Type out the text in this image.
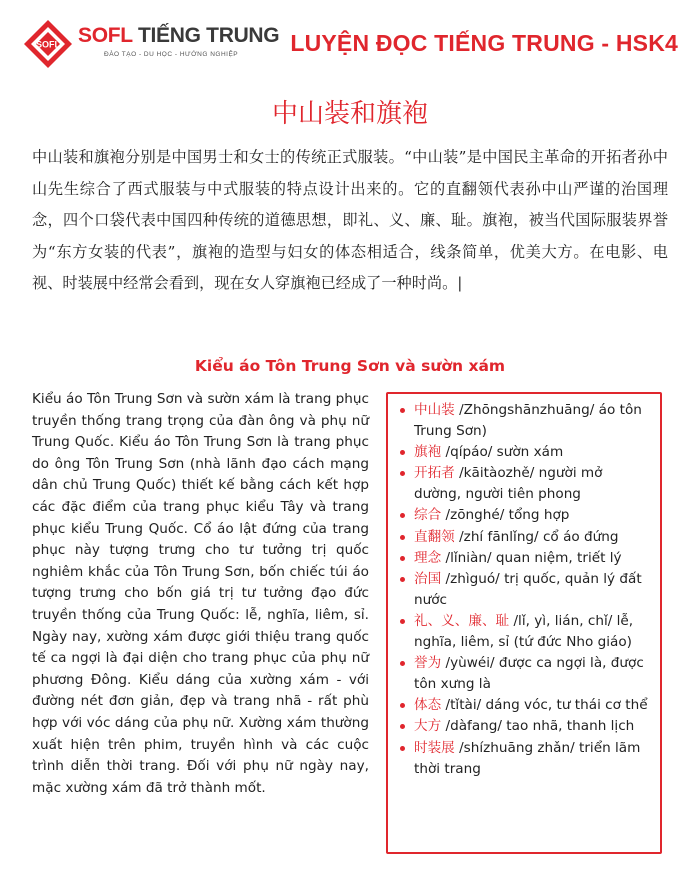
SOFL SOFL TIẾNG TRUNG
ĐÀO TẠO - DU HỌC - HƯỚNG NGHIỆP LUYỆN ĐỌC TIẾNG TRUNG - HSK4
中山装和旗袍

中山装和旗袍分别是中国男士和女士的传统正式服装。“中山装”是中国民主革命的开拓者孙中山先生综合了西式服装与中式服装的特点设计出来的。它的直翻领代表孙中山严谨的治国理念，四个口袋代表中国四种传统的道德思想，即礼、义、廉、耻。旗袍，被当代国际服装界誉为“东方女装的代表”，旗袍的造型与妇女的体态相适合，线条简单，优美大方。在电影、电视、时装展中经常会看到，现在女人穿旗袍已经成了一种时尚。|

Kiểu áo Tôn Trung Sơn và sườn xám

Kiểu áo Tôn Trung Sơn và sườn xám là trang phục truyền thống trang trọng của đàn ông và phụ nữ Trung Quốc. Kiểu áo Tôn Trung Sơn là trang phục do ông Tôn Trung Sơn (nhà lãnh đạo cách mạng dân chủ Trung Quốc) thiết kế bằng cách kết hợp các đặc điểm của trang phục kiểu Tây và trang phục kiểu Trung Quốc. Cổ áo lật đứng của trang phục này tượng trưng cho tư tưởng trị quốc nghiêm khắc của Tôn Trung Sơn, bốn chiếc túi áo tượng trưng cho bốn giá trị tư tưởng đạo đức truyền thống của Trung Quốc: lễ, nghĩa, liêm, sỉ. Ngày nay, xường xám được giới thiệu trang quốc tế ca ngợi là đại diện cho trang phục của phụ nữ phương Đông. Kiểu dáng của xường xám - với đường nét đơn giản, đẹp và trang nhã - rất phù hợp với vóc dáng của phụ nữ. Xường xám thường xuất hiện trên phim, truyền hình và các cuộc trình diễn thời trang. Đối với phụ nữ ngày nay, mặc xường xám đã trở thành mốt.

中山装 /Zhōngshānzhuāng/ áo tôn Trung Sơn)
旗袍 /qípáo/ sườn xám
开拓者 /kāitàozhě/ người mở dường, người tiên phong
综合 /zōnghé/ tổng hợp
直翻领 /zhí fānlǐng/ cổ áo đứng
理念 /lǐniàn/ quan niệm, triết lý
治国 /zhìguó/ trị quốc, quản lý đất nước
礼、义、廉、耻 /lǐ, yì, lián, chǐ/ lễ, nghĩa, liêm, sỉ (tứ đức Nho giáo)
誉为 /yùwéi/ được ca ngợi là, được tôn xưng là
体态 /tǐtài/ dáng vóc, tư thái cơ thể
大方 /dàfang/ tao nhã, thanh lịch
时装展 /shízhuāng zhǎn/ triển lãm thời trang
